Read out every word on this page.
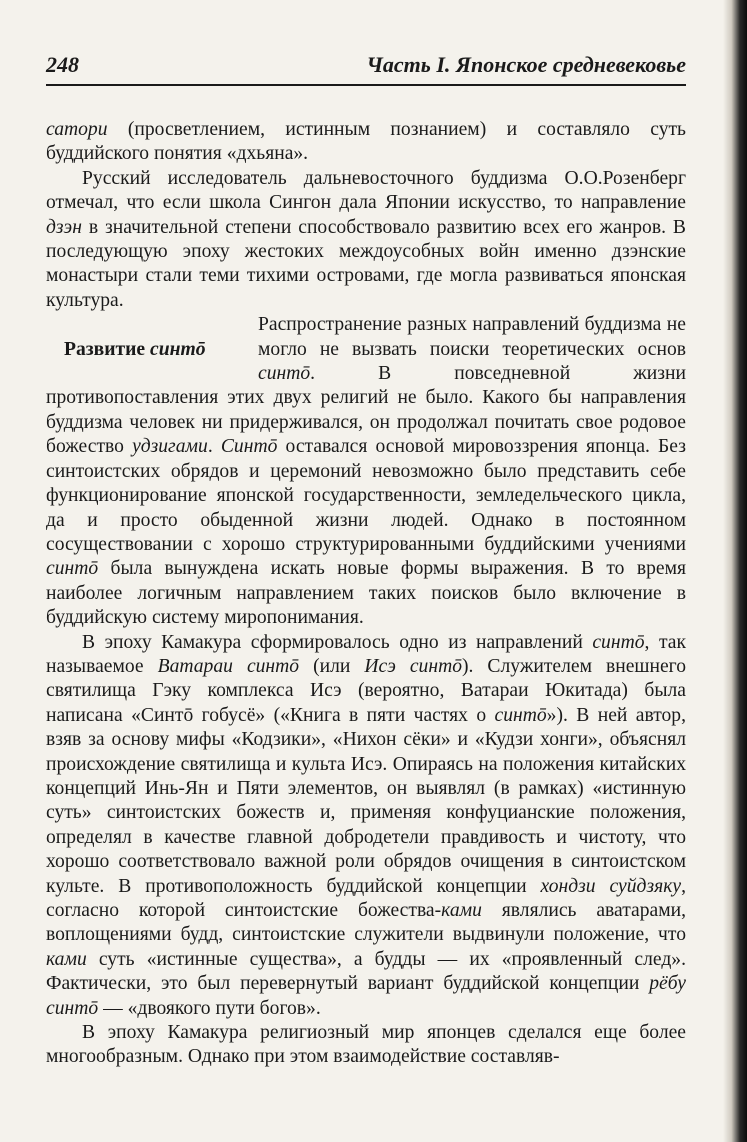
248	Часть I. Японское средневековье

сатори (просветлением, истинным познанием) и составляло суть буддийского понятия «дхьяна».

Русский исследователь дальневосточного буддизма О.О.Розенберг отмечал, что если школа Сингон дала Японии искусство, то направление дзэн в значительной степени способствовало развитию всех его жанров. В последующую эпоху жестоких междоусобных войн именно дзэнские монастыри стали теми тихими островами, где могла развиваться японская культура.

Развитие синтō
Распространение разных направлений буддизма не могло не вызвать поиски теоретических основ синтō. В повседневной жизни противопоставления этих двух религий не было. Какого бы направления буддизма человек ни придерживался, он продолжал почитать свое родовое божество удзигами. Синтō оставался основой мировоззрения японца. Без синтоистских обрядов и церемоний невозможно было представить себе функционирование японской государственности, земледельческого цикла, да и просто обыденной жизни людей. Однако в постоянном сосуществовании с хорошо структурированными буддийскими учениями синтō была вынуждена искать новые формы выражения. В то время наиболее логичным направлением таких поисков было включение в буддийскую систему миропонимания.

В эпоху Камакура сформировалось одно из направлений синтō, так называемое Ватараи синтō (или Исэ синтō). Служителем внешнего святилища Гэку комплекса Исэ (вероятно, Ватараи Юкитада) была написана «Синтō гобусё» («Книга в пяти частях о синтō»). В ней автор, взяв за основу мифы «Кодзики», «Нихон сёки» и «Кудзи хонги», объяснял происхождение святилища и культа Исэ. Опираясь на положения китайских концепций Инь-Ян и Пяти элементов, он выявлял (в рамках) «истинную суть» синтоистских божеств и, применяя конфуцианские положения, определял в качестве главной добродетели правдивость и чистоту, что хорошо соответствовало важной роли обрядов очищения в синтоистском культе. В противоположность буддийской концепции хондзи суйдзяку, согласно которой синтоистские божества-ками являлись аватарами, воплощениями будд, синтоистские служители выдвинули положение, что ками суть «истинные существа», а будды — их «проявленный след». Фактически, это был перевернутый вариант буддийской концепции рёбу синтō — «двоякого пути богов».

В эпоху Камакура религиозный мир японцев сделался еще более многообразным. Однако при этом взаимодействие составляв-
